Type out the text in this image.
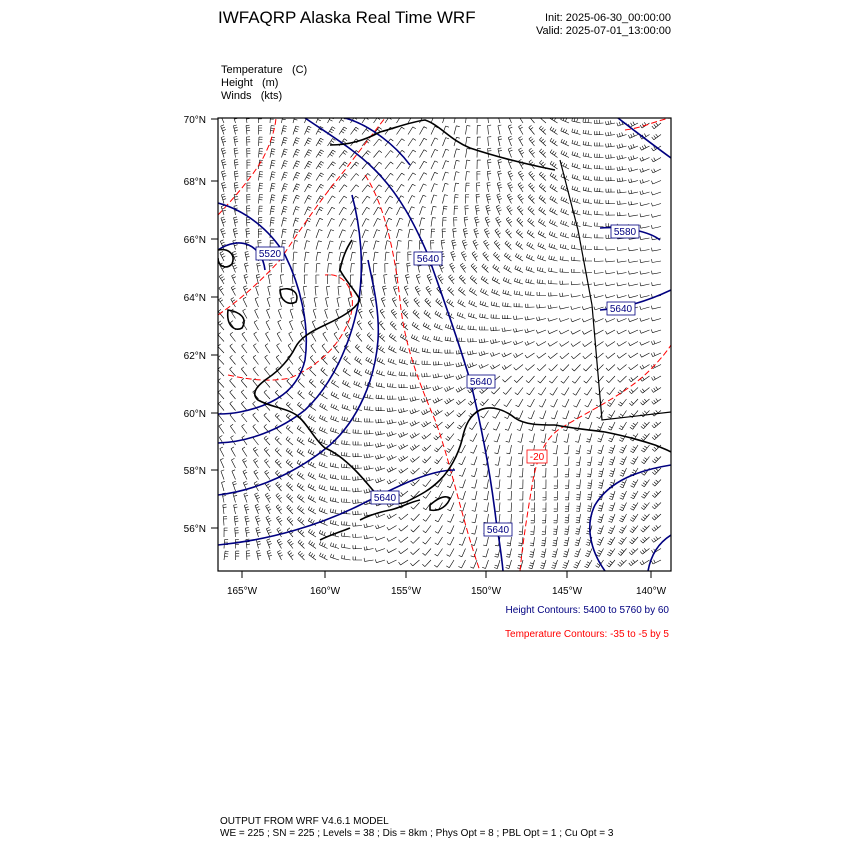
IWFAQRP Alaska Real Time WRF	Init: 2025-06-30_00:00:00
Valid: 2025-07-01_13:00:00
Temperature (C)
Height (m)
Winds (kts)
70°N
68°N
66°N
64°N
62°N
60°N
58°N
56°N
165°W	160°W	155°W	150°W	145°W	140°W
5520	5640
5580
5640
5640
5640
5640
-20
Height Contours: 5400 to 5760 by 60
Temperature Contours: -35 to -5 by 5
OUTPUT FROM WRF V4.6.1 MODEL
WE = 225 ; SN = 225 ; Levels = 38 ; Dis = 8km ; Phys Opt = 8 ; PBL Opt = 1 ; Cu Opt = 3
